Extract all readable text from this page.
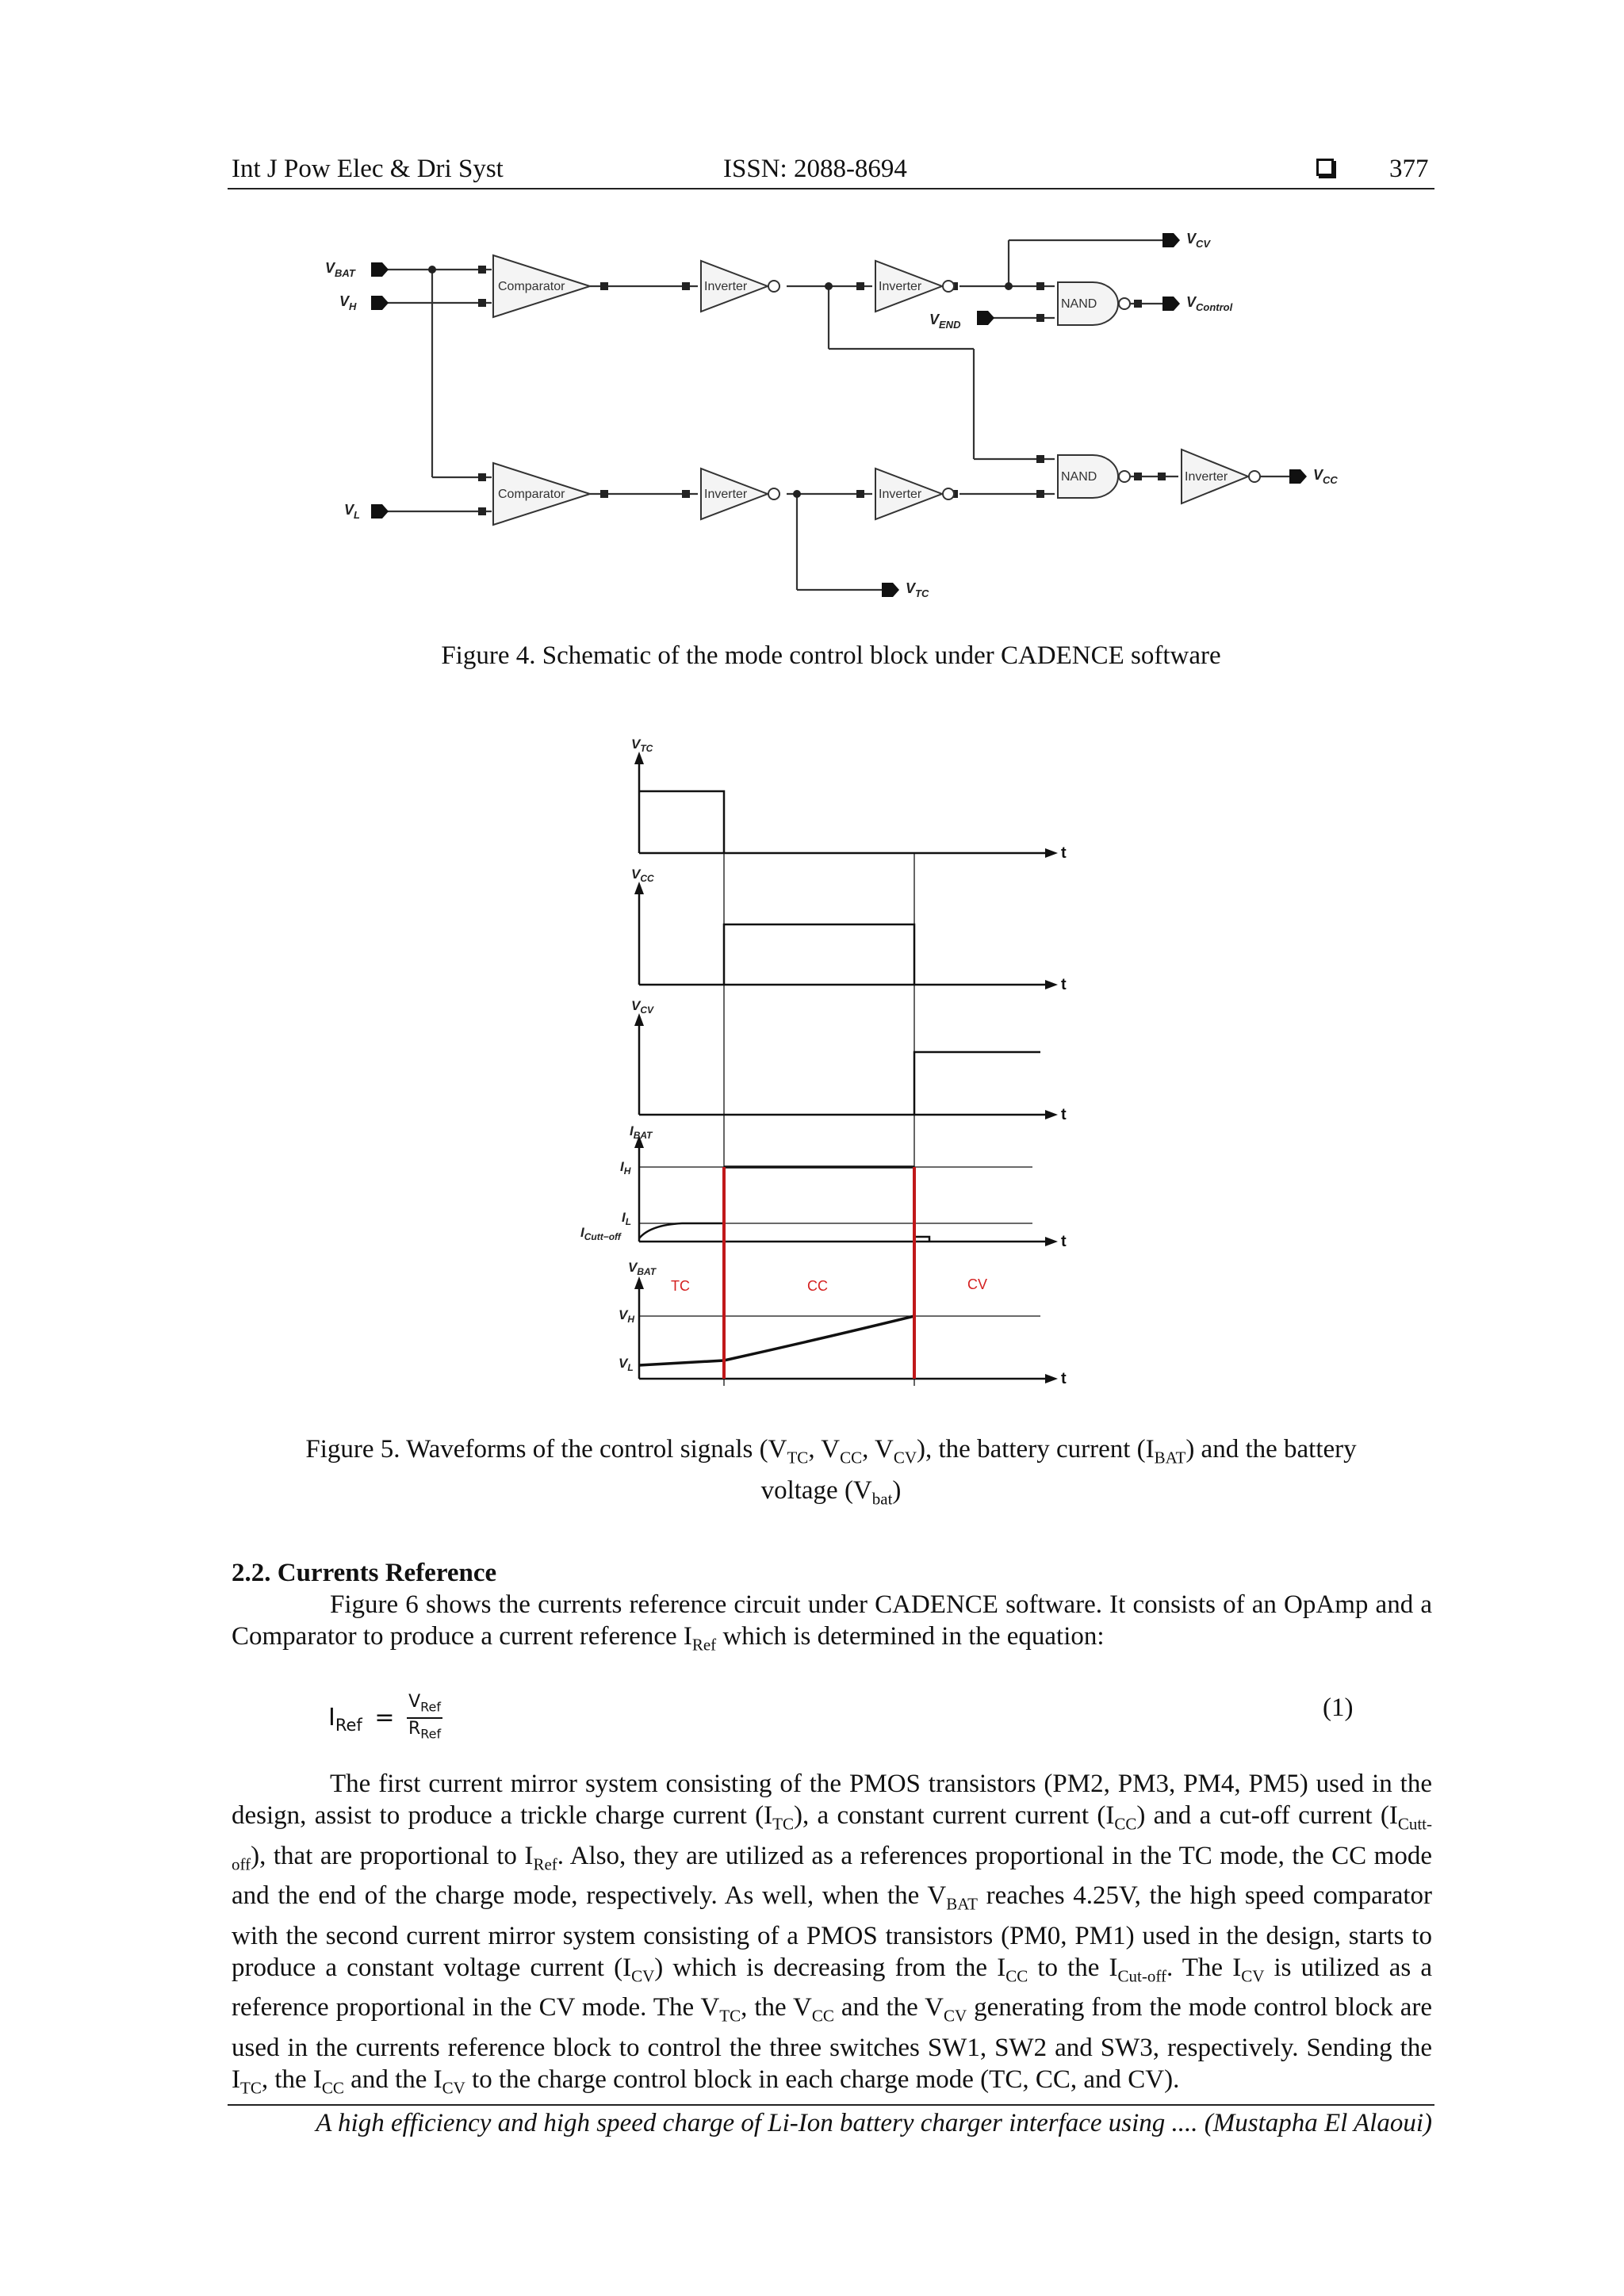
Int J Pow Elec & Dri Syst	ISSN: 2088-8694	377
Comparator
Comparator
Inverter	Inverter
Inverter	Inverter
Inverter
NAND
NAND
$V_{BAT}$
$V_H$
$V_L$
$V_{CV}$
$V_{Control}$
$V_{END}$
$V_{CC}$
$V_{TC}$
Figure 4. Schematic of the mode control block under CADENCE software
$V_{TC}$
$V_{CC}$
$V_{CV}$
$I_{BAT}$
$I_H$
$I_L$
$I_{Cutt-off}$
$V_{BAT}$
$V_H$
$V_L$
t
t
t
t
t
TC	CC	CV
Figure 5. Waveforms of the control signals ($V_{TC}$, $V_{CC}$, $V_{CV}$), the battery current $(I_{BAT})$ and the battery
voltage $(V_{bat})$
2.2. Currents Reference
Figure 6 shows the currents reference circuit under CADENCE software. It consists of an OpAmp and a Comparator to produce a current reference $I_{Ref}$ which is determined in the equation:
$I_{Ref}$ =
$V_{Ref}$
$R_{Ref}$
(1)
The first current mirror system consisting of the PMOS transistors (PM2, PM3, PM4, PM5) used in the design, assist to produce a trickle charge current $(I_{TC})$, a constant current current $(I_{CC})$ and a cut-off current $(I_{Cutt-off})$, that are proportional to $I_{Ref}$. Also, they are utilized as a references proportional in the TC mode, the CC mode and the end of the charge mode, respectively. As well, when the $V_{BAT}$ reaches 4.25V, the high speed comparator with the second current mirror system consisting of a PMOS transistors (PM0, PM1) used in the design, starts to produce a constant voltage current $(I_{CV})$ which is decreasing from the $I_{CC}$ to the $I_{Cut-off}$. The $I_{CV}$ is utilized as a reference proportional in the CV mode. The $V_{TC}$, the $V_{CC}$ and the $V_{CV}$ generating from the mode control block are used in the currents reference block to control the three switches SW1, SW2 and SW3, respectively. Sending the $I_{TC}$, the $I_{CC}$ and the $I_{CV}$ to the charge control block in each charge mode (TC, CC, and CV).
A high efficiency and high speed charge of Li-Ion battery charger interface using .... (Mustapha El Alaoui)
